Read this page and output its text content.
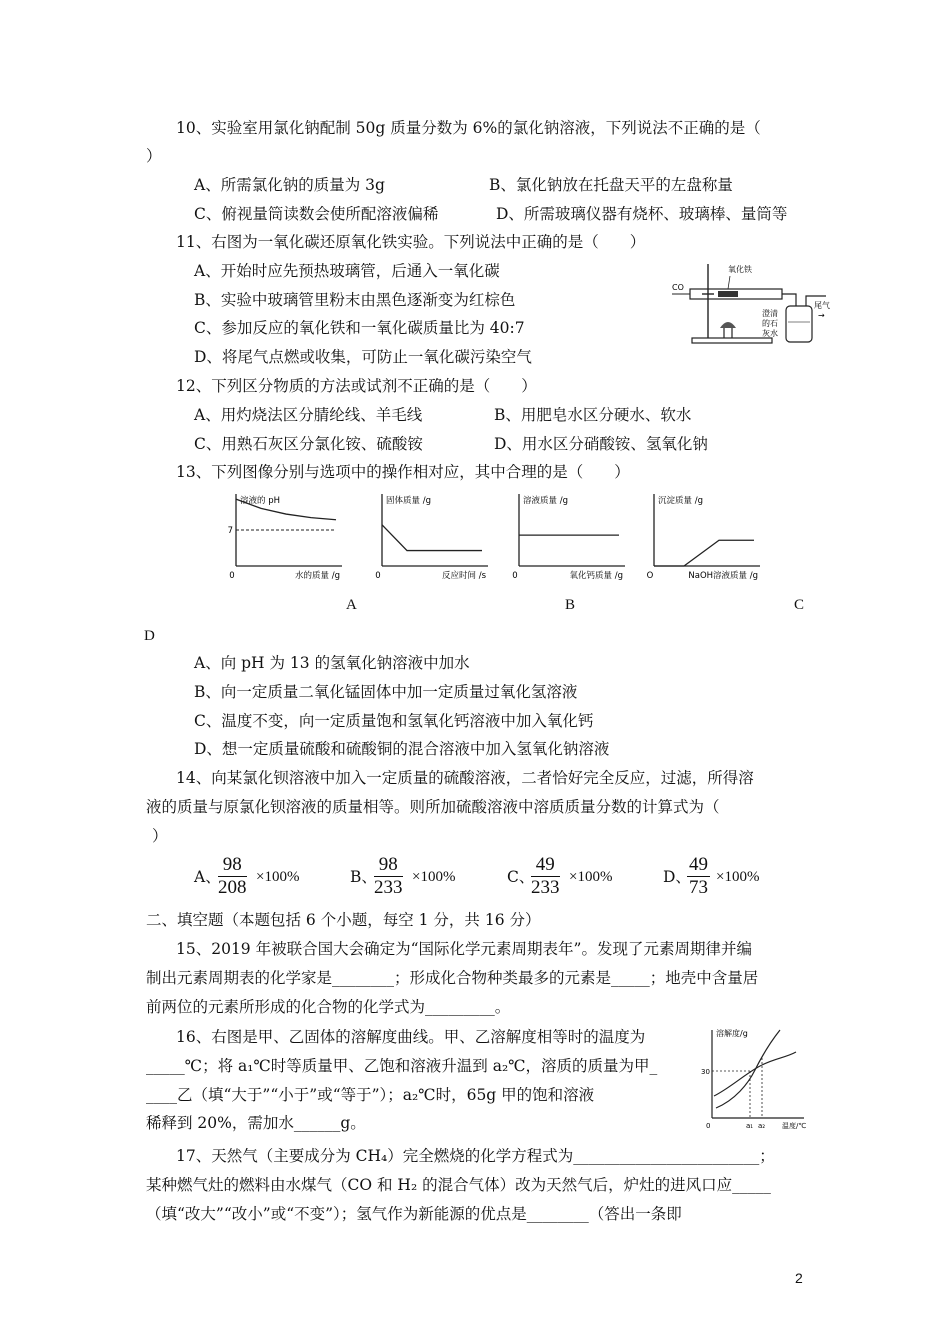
10、实验室用氯化钠配制 50g 质量分数为 6%的氯化钠溶液，下列说法不正确的是（
）
A、所需氯化钠的质量为 3g	B、氯化钠放在托盘天平的左盘称量
C、俯视量筒读数会使所配溶液偏稀	D、所需玻璃仪器有烧杯、玻璃棒、量筒等
11、右图为一氧化碳还原氧化铁实验。下列说法中正确的是（　　）
A、开始时应先预热玻璃管，后通入一氧化碳
B、实验中玻璃管里粉末由黑色逐渐变为红棕色
C、参加反应的氧化铁和一氧化碳质量比为 40:7
D、将尾气点燃或收集，可防止一氧化碳污染空气
CO
氧化铁
澄清
的石
灰水
尾气
→
12、下列区分物质的方法或试剂不正确的是（　　）
A、用灼烧法区分腈纶线、羊毛线	B、用肥皂水区分硬水、软水
C、用熟石灰区分氯化铵、硫酸铵	D、用水区分硝酸铵、氢氧化钠
13、下列图像分别与选项中的操作相对应，其中合理的是（　　）
溶液的 pH
水的质量 /g
0
7
固体质量 /g
反应时间 /s
0
溶液质量 /g
氧化钙质量 /g
0
沉淀质量 /g
NaOH溶液质量 /g
O
A	B	C
D
A、向 pH 为 13 的氢氧化钠溶液中加水
B、向一定质量二氧化锰固体中加一定质量过氧化氢溶液
C、温度不变，向一定质量饱和氢氧化钙溶液中加入氧化钙
D、想一定质量硫酸和硫酸铜的混合溶液中加入氢氧化钠溶液
14、向某氯化钡溶液中加入一定质量的硫酸溶液，二者恰好完全反应，过滤，所得溶
液的质量与原氯化钡溶液的质量相等。则所加硫酸溶液中溶质质量分数的计算式为（
）
A、
$\frac{98}{208} \times 100\%$	B、
$\frac{98}{233} \times 100\%$	C、
$\frac{49}{233} \times 100\%$	D、
$\frac{49}{73} \times 100\%$
二、填空题（本题包括 6 个小题，每空 1 分，共 16 分）
15、2019 年被联合国大会确定为“国际化学元素周期表年”。发现了元素周期律并编
制出元素周期表的化学家是________；形成化合物种类最多的元素是_____；地壳中含量居
前两位的元素所形成的化合物的化学式为_________。
16、右图是甲、乙固体的溶解度曲线。甲、乙溶解度相等时的温度为
_____℃；将 a₁℃时等质量甲、乙饱和溶液升温到 a₂℃，溶质的质量为甲_
____乙（填“大于”“小于”或“等于”）；a₂℃时，65g 甲的饱和溶液
稀释到 20%，需加水______g。
溶解度/g
30
0	a₁ a₂ 温度/℃
17、天然气（主要成分为 CH₄）完全燃烧的化学方程式为________________________；
某种燃气灶的燃料由水煤气（CO 和 H₂ 的混合气体）改为天然气后，炉灶的进风口应_____
（填“改大”“改小”或“不变”）；氢气作为新能源的优点是________（答出一条即
2
